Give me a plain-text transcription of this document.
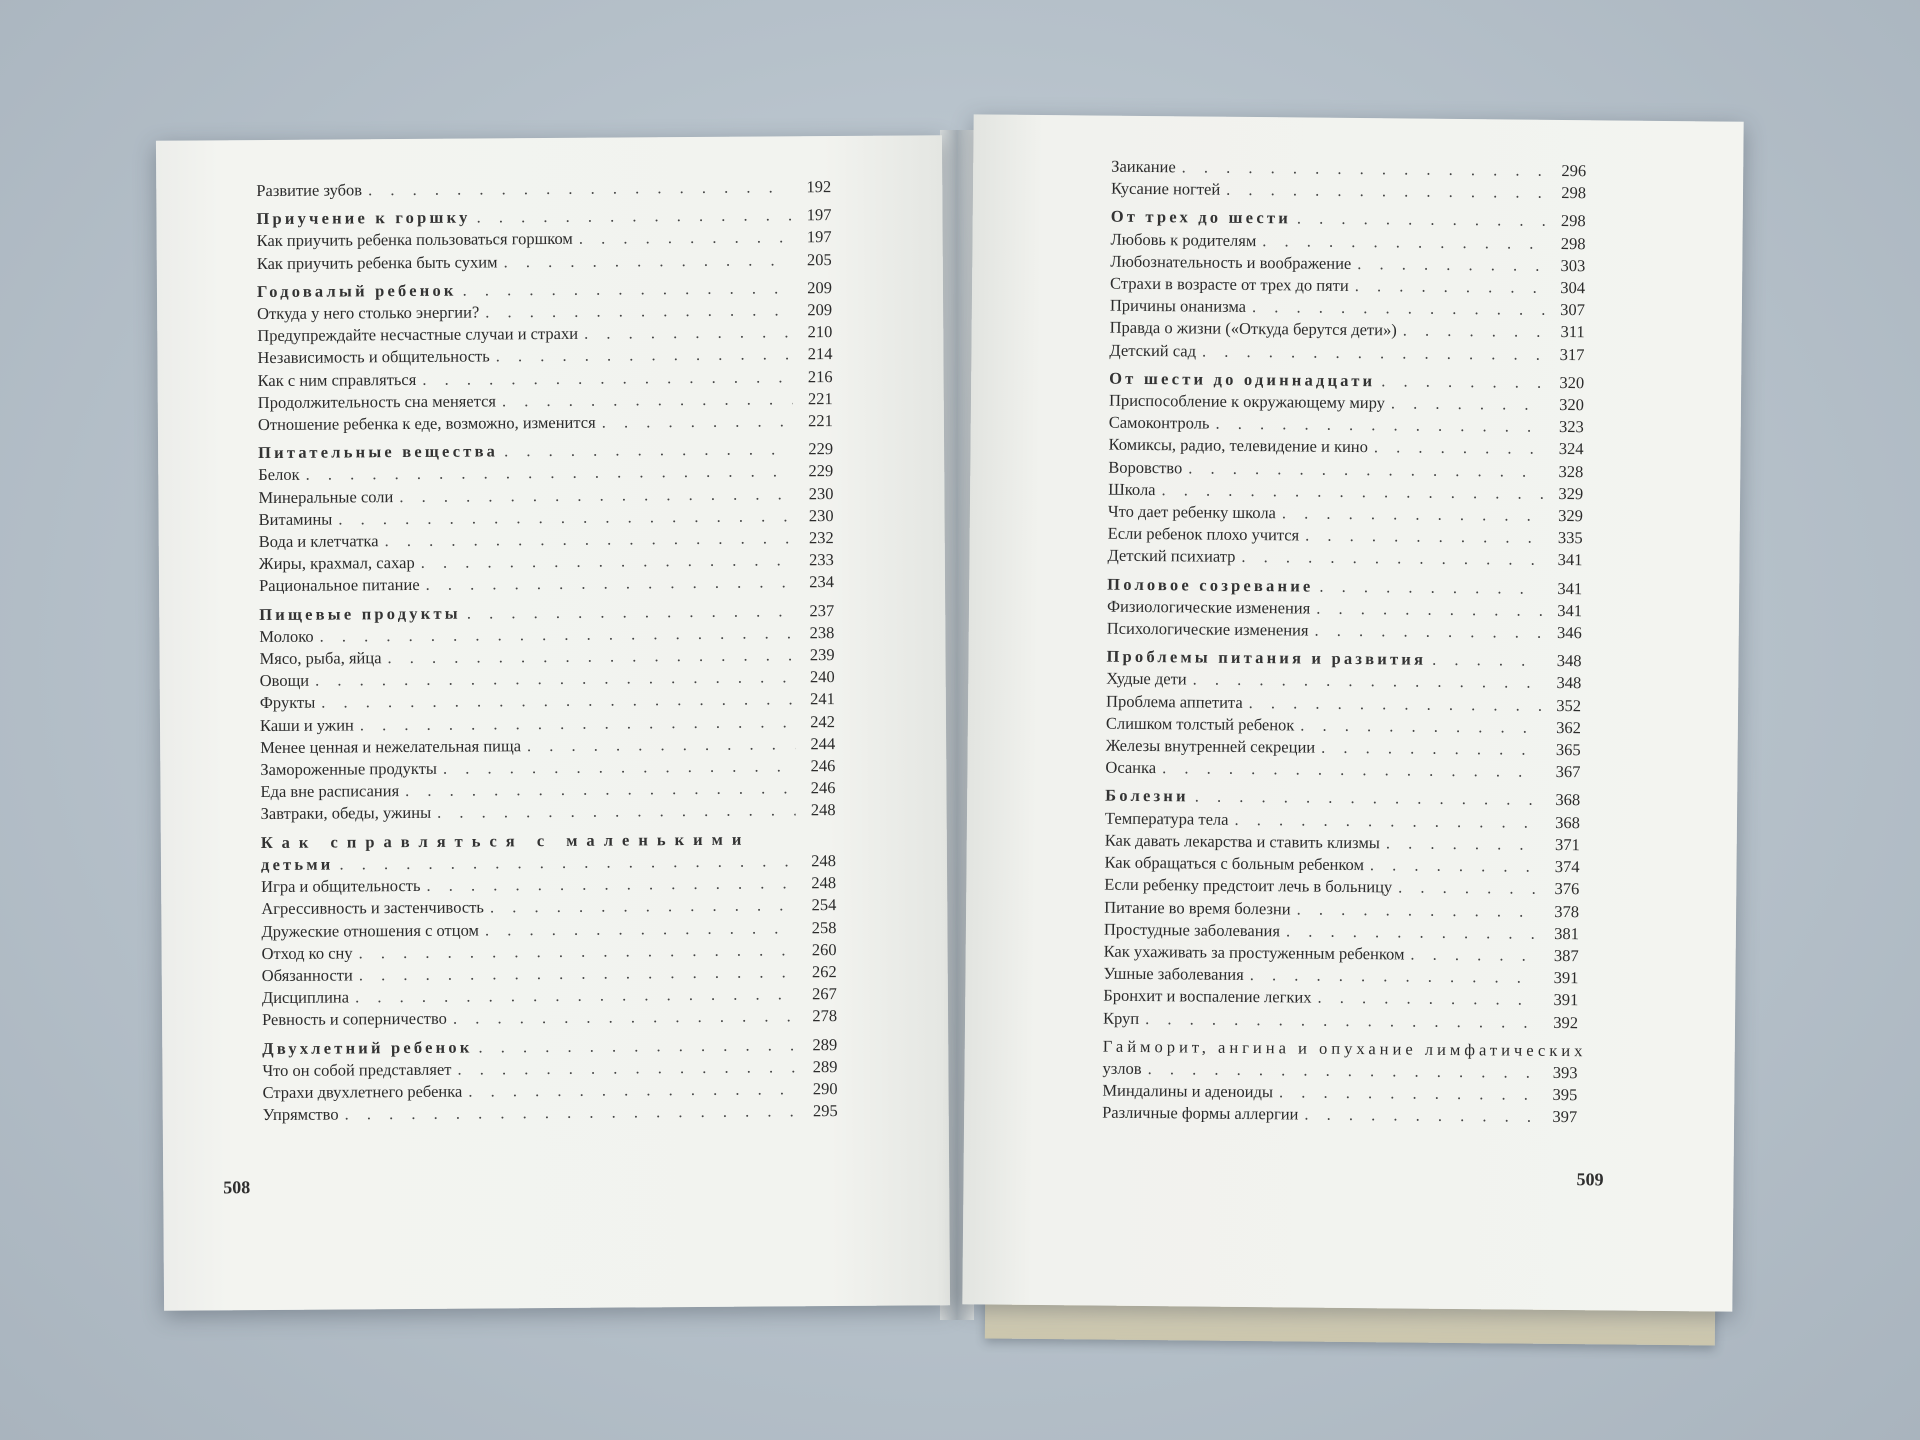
Развитие зубов . . .	192
Приучение к горшку . . .	197
Как приучить ребенка пользоваться горшком . . .	197
Как приучить ребенка быть сухим . . .	205
Годовалый ребенок . . .	209
Откуда у него столько энергии? . . .	209
Предупреждайте несчастные случаи и страхи . . .	210
Независимость и общительность . . .	214
Как с ним справляться . . .	216
Продолжительность сна меняется . . .	221
Отношение ребенка к еде, возможно, изменится . . .	221
Питательные вещества . . .	229
Белок . . .	229
Минеральные соли . . .	230
Витамины . . .	230
Вода и клетчатка . . .	232
Жиры, крахмал, сахар . . .	233
Рациональное питание . . .	234
Пищевые продукты . . .	237
Молоко . . .	238
Мясо, рыба, яйца . . .	239
Овощи . . .	240
Фрукты . . .	241
Каши и ужин . . .	242
Менее ценная и нежелательная пища . . .	244
Замороженные продукты . . .	246
Еда вне расписания . . .	246
Завтраки, обеды, ужины . . .	248
Как справляться с маленькими
детьми . . .	248
Игра и общительность . . .	248
Агрессивность и застенчивость . . .	254
Дружеские отношения с отцом . . .	258
Отход ко сну . . .	260
Обязанности . . .	262
Дисциплина . . .	267
Ревность и соперничество . . .	278
Двухлетний ребенок . . .	289
Что он собой представляет . . .	289
Страхи двухлетнего ребенка . . .	290
Упрямство . . .	295
508
Заикание . . .	296
Кусание ногтей . . .	298
От трех до шести . . .	298
Любовь к родителям . . .	298
Любознательность и воображение . . .	303
Страхи в возрасте от трех до пяти . . .	304
Причины онанизма . . .	307
Правда о жизни («Откуда берутся дети») . . .	311
Детский сад . . .	317
От шести до одиннадцати . . .	320
Приспособление к окружающему миру . . .	320
Самоконтроль . . .	323
Комиксы, радио, телевидение и кино . . .	324
Воровство . . .	328
Школа . . .	329
Что дает ребенку школа . . .	329
Если ребенок плохо учится . . .	335
Детский психиатр . . .	341
Половое созревание . . .	341
Физиологические изменения . . .	341
Психологические изменения . . .	346
Проблемы питания и развития . . .	348
Худые дети . . .	348
Проблема аппетита . . .	352
Слишком толстый ребенок . . .	362
Железы внутренней секреции . . .	365
Осанка . . .	367
Болезни . . .	368
Температура тела . . .	368
Как давать лекарства и ставить клизмы . . .	371
Как обращаться с больным ребенком . . .	374
Если ребенку предстоит лечь в больницу . . .	376
Питание во время болезни . . .	378
Простудные заболевания . . .	381
Как ухаживать за простуженным ребенком . . .	387
Ушные заболевания . . .	391
Бронхит и воспаление легких . . .	391
Круп . . .	392
Гайморит, ангина и опухание лимфатических
узлов . . .	393
Миндалины и аденоиды . . .	395
Различные формы аллергии . . .	397
509
